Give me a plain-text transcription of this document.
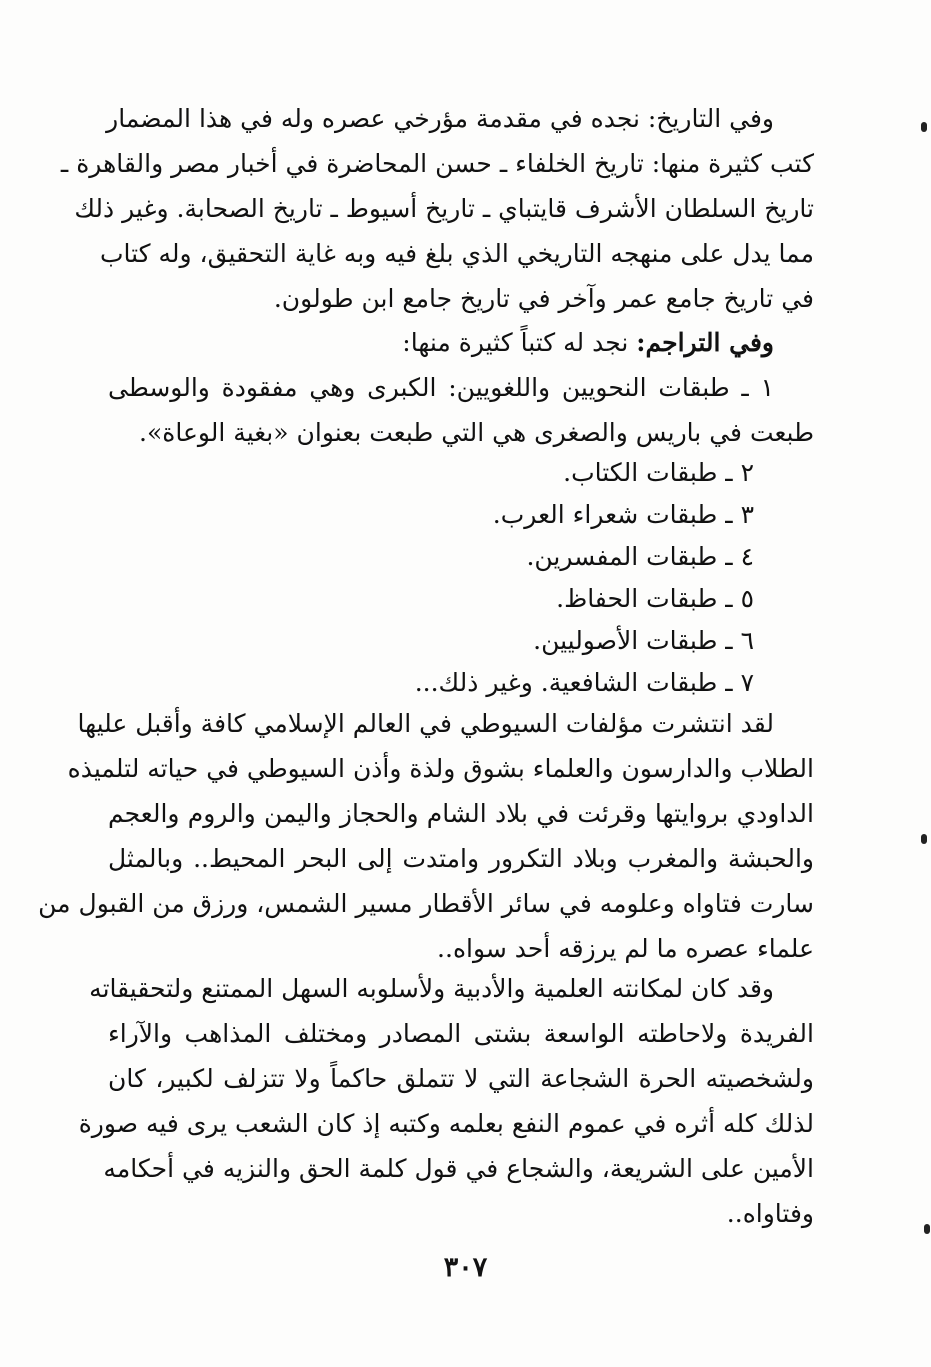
وفي التاريخ: نجده في مقدمة مؤرخي عصره وله في هذا المضمار
كتب كثيرة منها: تاريخ الخلفاء ـ حسن المحاضرة في أخبار مصر والقاهرة ـ
تاريخ السلطان الأشرف قايتباي ـ تاريخ أسيوط ـ تاريخ الصحابة. وغير ذلك
مما يدل على منهجه التاريخي الذي بلغ فيه وبه غاية التحقيق، وله كتاب
في تاريخ جامع عمر وآخر في تاريخ جامع ابن طولون.
وفي التراجم: نجد له كتباً كثيرة منها:
١ ـ طبقات النحويين واللغويين: الكبرى وهي مفقودة والوسطى
طبعت في باريس والصغرى هي التي طبعت بعنوان «بغية الوعاة».
٢ ـ طبقات الكتاب.
٣ ـ طبقات شعراء العرب.
٤ ـ طبقات المفسرين.
٥ ـ طبقات الحفاظ.
٦ ـ طبقات الأصوليين.
٧ ـ طبقات الشافعية. وغير ذلك...
لقد انتشرت مؤلفات السيوطي في العالم الإسلامي كافة وأقبل عليها
الطلاب والدارسون والعلماء بشوق ولذة وأذن السيوطي في حياته لتلميذه
الداودي بروايتها وقرئت في بلاد الشام والحجاز واليمن والروم والعجم
والحبشة والمغرب وبلاد التكرور وامتدت إلى البحر المحيط.. وبالمثل
سارت فتاواه وعلومه في سائر الأقطار مسير الشمس، ورزق من القبول من
علماء عصره ما لم يرزقه أحد سواه..
وقد كان لمكانته العلمية والأدبية ولأسلوبه السهل الممتنع ولتحقيقاته
الفريدة ولاحاطته الواسعة بشتى المصادر ومختلف المذاهب والآراء
ولشخصيته الحرة الشجاعة التي لا تتملق حاكماً ولا تتزلف لكبير، كان
لذلك كله أثره في عموم النفع بعلمه وكتبه إذ كان الشعب يرى فيه صورة
الأمين على الشريعة، والشجاع في قول كلمة الحق والنزيه في أحكامه
وفتاواه..
٣٠٧
